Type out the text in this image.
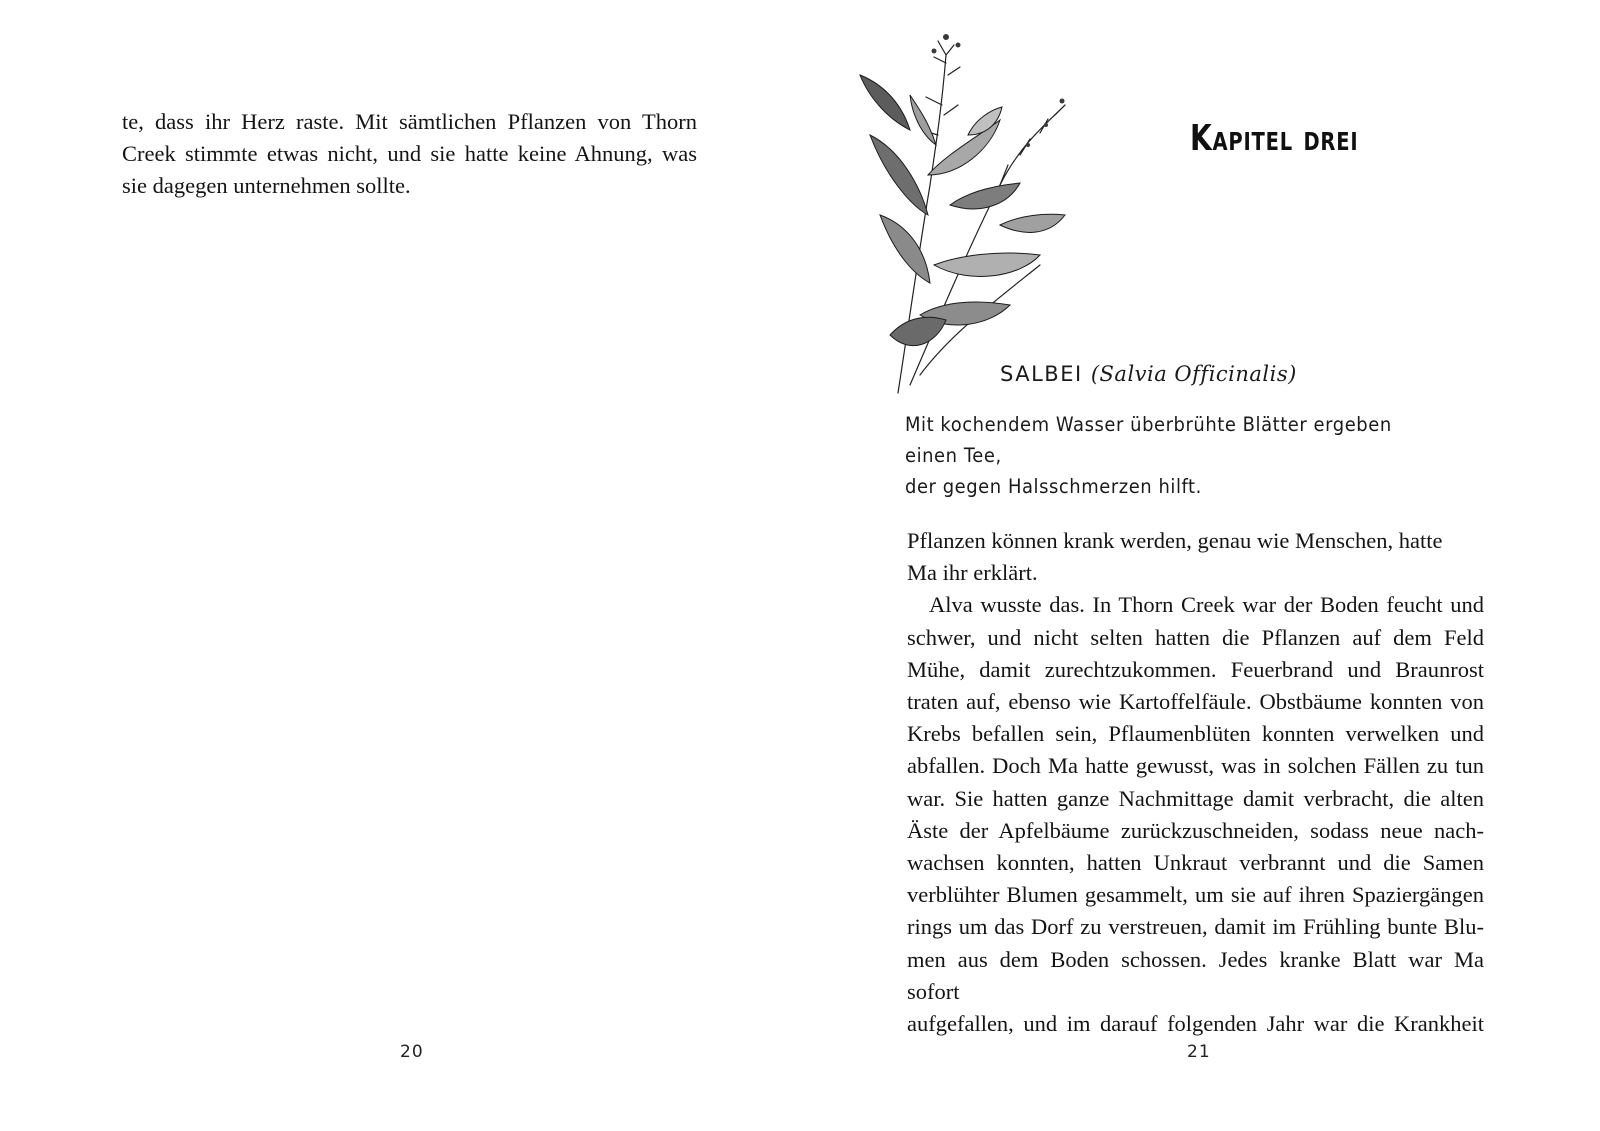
te, dass ihr Herz raste. Mit sämtlichen Pflanzen von Thorn
Creek stimmte etwas nicht, und sie hatte keine Ahnung, was
sie dagegen unternehmen sollte.

20
Kapitel drei
SALBEI (Salvia Officinalis)
Mit kochendem Wasser überbrühte Blätter ergeben einen Tee,
der gegen Halsschmerzen hilft.

Pflanzen können krank werden, genau wie Menschen, hatte
Ma ihr erklärt.

Alva wusste das. In Thorn Creek war der Boden feucht und
schwer, und nicht selten hatten die Pflanzen auf dem Feld
Mühe, damit zurechtzukommen. Feuerbrand und Braunrost
traten auf, ebenso wie Kartoffelfäule. Obstbäume konnten von
Krebs befallen sein, Pflaumenblüten konnten verwelken und
abfallen. Doch Ma hatte gewusst, was in solchen Fällen zu tun
war. Sie hatten ganze Nachmittage damit verbracht, die alten
Äste der Apfelbäume zurückzuschneiden, sodass neue nach-
wachsen konnten, hatten Unkraut verbrannt und die Samen
verblühter Blumen gesammelt, um sie auf ihren Spaziergängen
rings um das Dorf zu verstreuen, damit im Frühling bunte Blu-
men aus dem Boden schossen. Jedes kranke Blatt war Ma sofort
aufgefallen, und im darauf folgenden Jahr war die Krankheit

21
